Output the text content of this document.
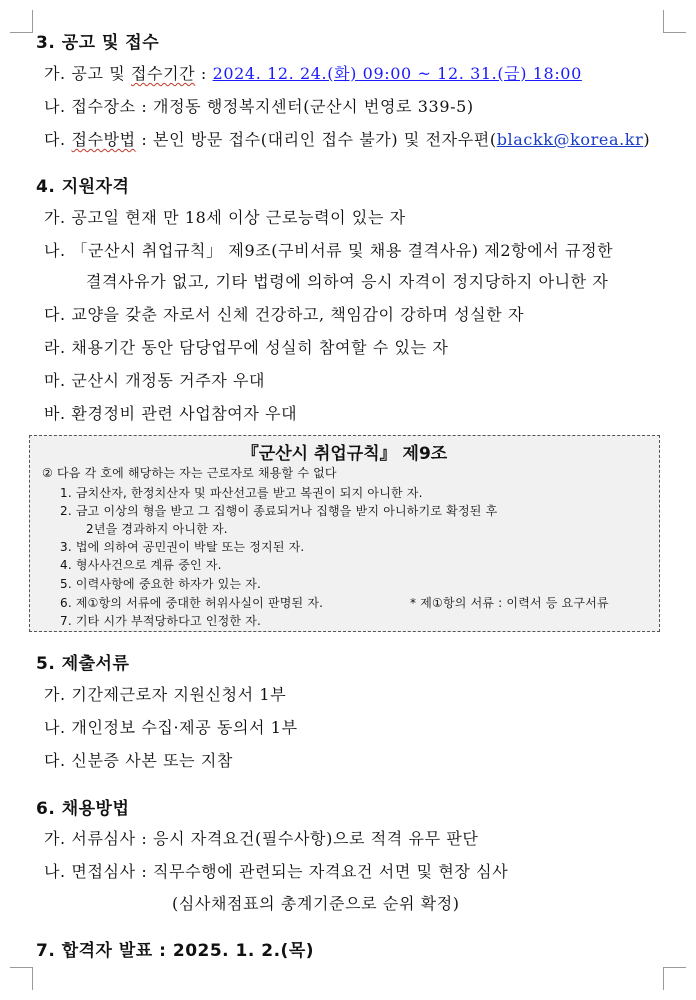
3. 공고 및 접수
가. 공고 및 접수기간 : 2024. 12. 24.(화) 09:00 ~ 12. 31.(금) 18:00
나. 접수장소 : 개정동 행정복지센터(군산시 번영로 339-5)
다. 접수방법 : 본인 방문 접수(대리인 접수 불가) 및 전자우편(blackk@korea.kr)
4. 지원자격
가. 공고일 현재 만 18세 이상 근로능력이 있는 자
나. 「군산시 취업규칙」 제9조(구비서류 및 채용 결격사유) 제2항에서 규정한
결격사유가 없고, 기타 법령에 의하여 응시 자격이 정지당하지 아니한 자
다. 교양을 갖춘 자로서 신체 건강하고, 책임감이 강하며 성실한 자
라. 채용기간 동안 담당업무에 성실히 참여할 수 있는 자
마. 군산시 개정동 거주자 우대
바. 환경정비 관련 사업참여자 우대
『군산시 취업규칙』 제9조
② 다음 각 호에 해당하는 자는 근로자로 채용할 수 없다
1. 금치산자, 한정치산자 및 파산선고를 받고 복권이 되지 아니한 자.
2. 금고 이상의 형을 받고 그 집행이 종료되거나 집행을 받지 아니하기로 확정된 후
2년을 경과하지 아니한 자.
3. 법에 의하여 공민권이 박탈 또는 정지된 자.
4. 형사사건으로 계류 중인 자.
5. 이력사항에 중요한 하자가 있는 자.
6. 제①항의 서류에 중대한 허위사실이 판명된 자.	* 제①항의 서류 : 이력서 등 요구서류
7. 기타 시가 부적당하다고 인정한 자.
5. 제출서류
가. 기간제근로자 지원신청서 1부
나. 개인정보 수집·제공 동의서 1부
다. 신분증 사본 또는 지참
6. 채용방법
가. 서류심사 : 응시 자격요건(필수사항)으로 적격 유무 판단
나. 면접심사 : 직무수행에 관련되는 자격요건 서면 및 현장 심사
(심사채점표의 총계기준으로 순위 확정)
7. 합격자 발표 : 2025. 1. 2.(목)
